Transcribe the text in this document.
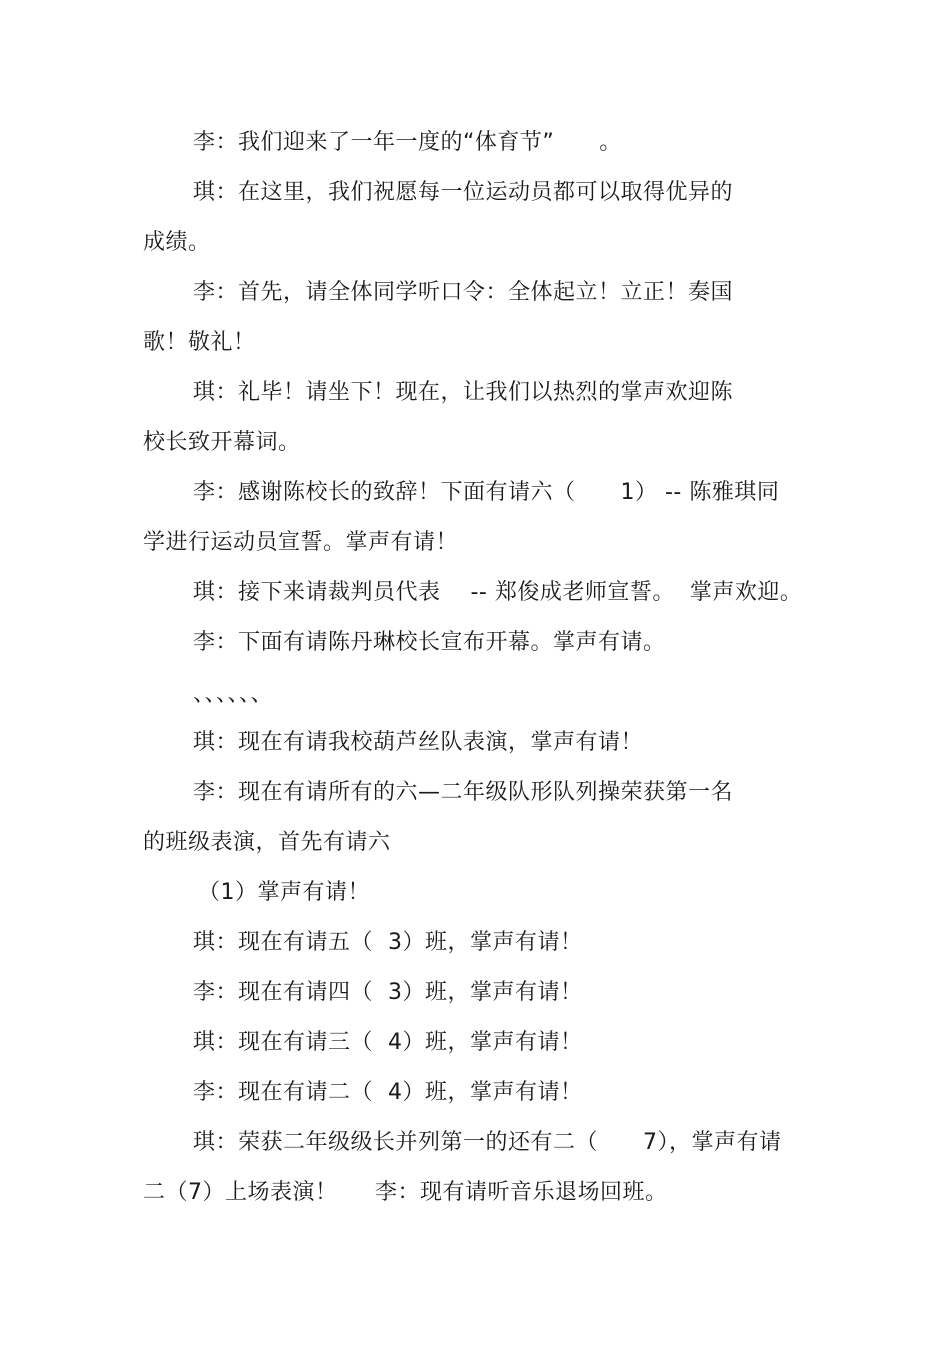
李：我们迎来了一年一度的“体育节”      。
琪：在这里，我们祝愿每一位运动员都可以取得优异的
成绩。
李：首先，请全体同学听口令：全体起立！立正！奏国
歌！敬礼！
琪：礼毕！请坐下！现在，让我们以热烈的掌声欢迎陈
校长致开幕词。
李：感谢陈校长的致辞！下面有请六（      1） -- 陈雅琪同
学进行运动员宣誓。掌声有请！
琪：接下来请裁判员代表    -- 郑俊成老师宣誓。  掌声欢迎。
李：下面有请陈丹琳校长宣布开幕。掌声有请。
、、、、、、
琪：现在有请我校葫芦丝队表演，掌声有请！
李：现在有请所有的六—二年级队形队列操荣获第一名
的班级表演，首先有请六
（1）掌声有请！
琪：现在有请五（  3）班，掌声有请！
李：现在有请四（  3）班，掌声有请！
琪：现在有请三（  4）班，掌声有请！
李：现在有请二（  4）班，掌声有请！
琪：荣获二年级级长并列第一的还有二（      7），掌声有请
二（7）上场表演！     李：现有请听音乐退场回班。
